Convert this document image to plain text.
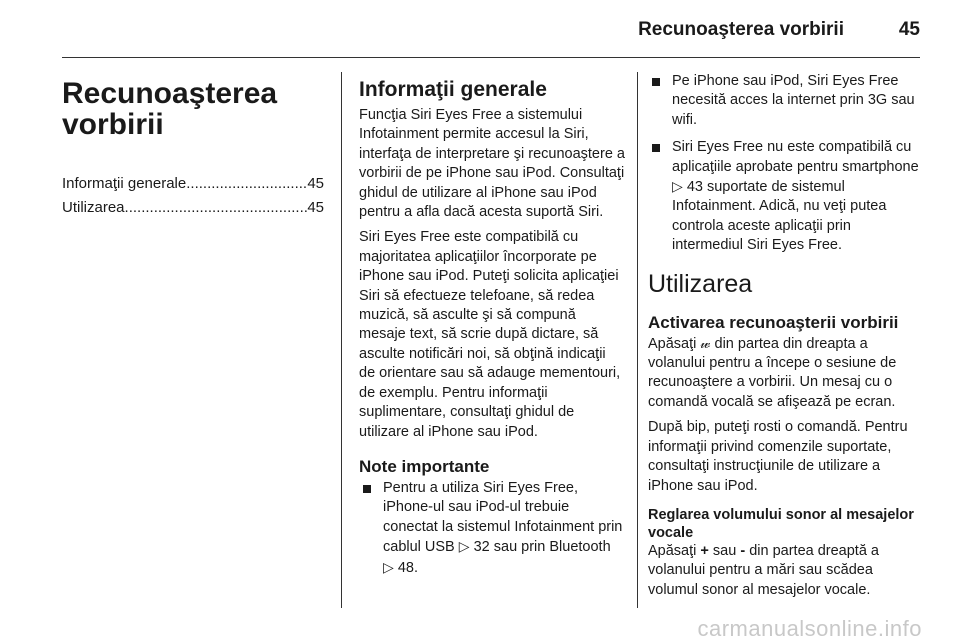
Recunoaşterea vorbirii	45
Recunoaşterea vorbirii
Informaţii generale .....	45
Utilizarea .....	45
Informaţii generale

Funcţia Siri Eyes Free a sistemului Infotainment permite accesul la Siri, interfaţa de interpretare şi recunoaştere a vorbirii de pe iPhone sau iPod. Consultaţi ghidul de utilizare al iPhone sau iPod pentru a afla dacă acesta suportă Siri.

Siri Eyes Free este compatibilă cu majoritatea aplicaţiilor încorporate pe iPhone sau iPod. Puteţi solicita aplicaţiei Siri să efectueze telefoane, să redea muzică, să asculte şi să compună mesaje text, să scrie după dictare, să asculte notificări noi, să obţină indicaţii de orientare sau să adauge mementouri, de exemplu. Pentru informaţii suplimentare, consultaţi ghidul de utilizare al iPhone sau iPod.

Note importante
Pentru a utiliza Siri Eyes Free, iPhone-ul sau iPod-ul trebuie conectat la sistemul Infotainment prin cablul USB ▷ 32 sau prin Bluetooth ▷ 48.
Pe iPhone sau iPod, Siri Eyes Free necesită acces la internet prin 3G sau wifi.
Siri Eyes Free nu este compatibilă cu aplicaţiile aprobate pentru smartphone ▷ 43 suportate de sistemul Infotainment. Adică, nu veţi putea controla aceste aplicaţii prin intermediul Siri Eyes Free.
Utilizarea
Activarea recunoaşterii vorbirii

Apăsaţi 𝓌 din partea din dreapta a volanului pentru a începe o sesiune de recunoaştere a vorbirii. Un mesaj cu o comandă vocală se afişează pe ecran.

După bip, puteţi rosti o comandă. Pentru informaţii privind comenzile suportate, consultaţi instrucţiunile de utilizare a iPhone sau iPod.

Reglarea volumului sonor al mesajelor vocale

Apăsaţi + sau - din partea dreaptă a volanului pentru a mări sau scădea volumul sonor al mesajelor vocale.

carmanualsonline.info
